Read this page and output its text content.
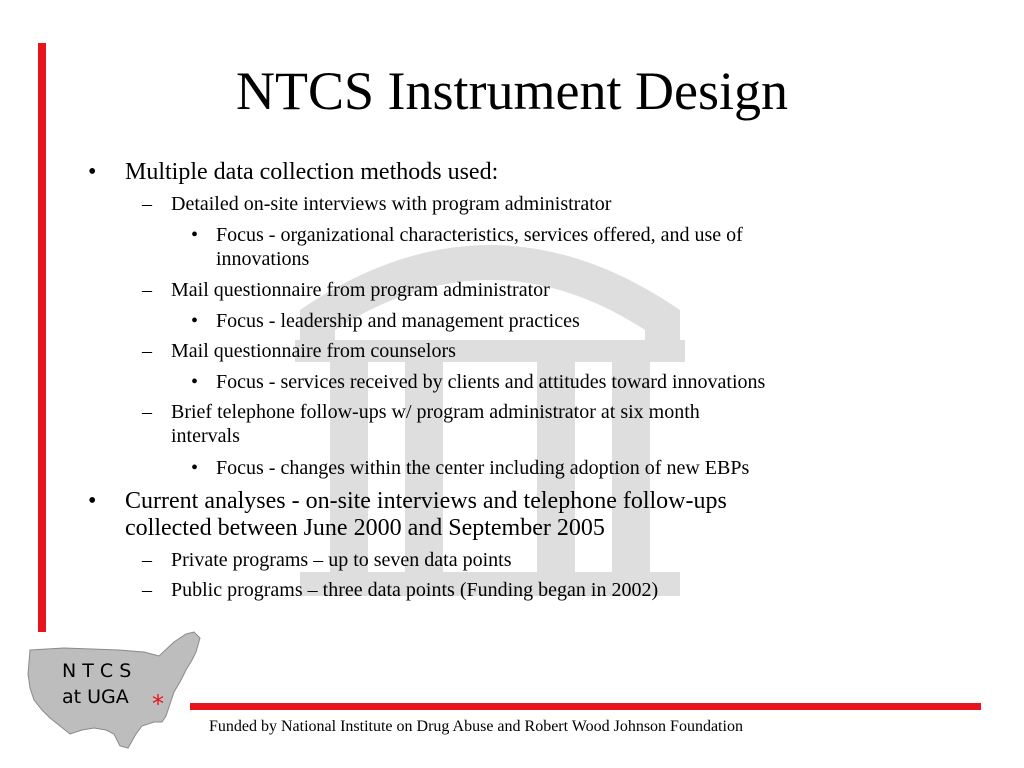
NTCS Instrument Design
• Multiple data collection methods used:
– Detailed on-site interviews with program administrator
• Focus - organizational characteristics, services offered, and use of
innovations
– Mail questionnaire from program administrator
• Focus - leadership and management practices
– Mail questionnaire from counselors
• Focus - services received by clients and attitudes toward innovations
– Brief telephone follow-ups w/ program administrator at six month
intervals
• Focus - changes within the center including adoption of new EBPs
• Current analyses - on-site interviews and telephone follow-ups
collected between June 2000 and September 2005
– Private programs – up to seven data points
– Public programs – three data points (Funding began in 2002)
N T C S
at UGA *
Funded by National Institute on Drug Abuse and Robert Wood Johnson Foundation
